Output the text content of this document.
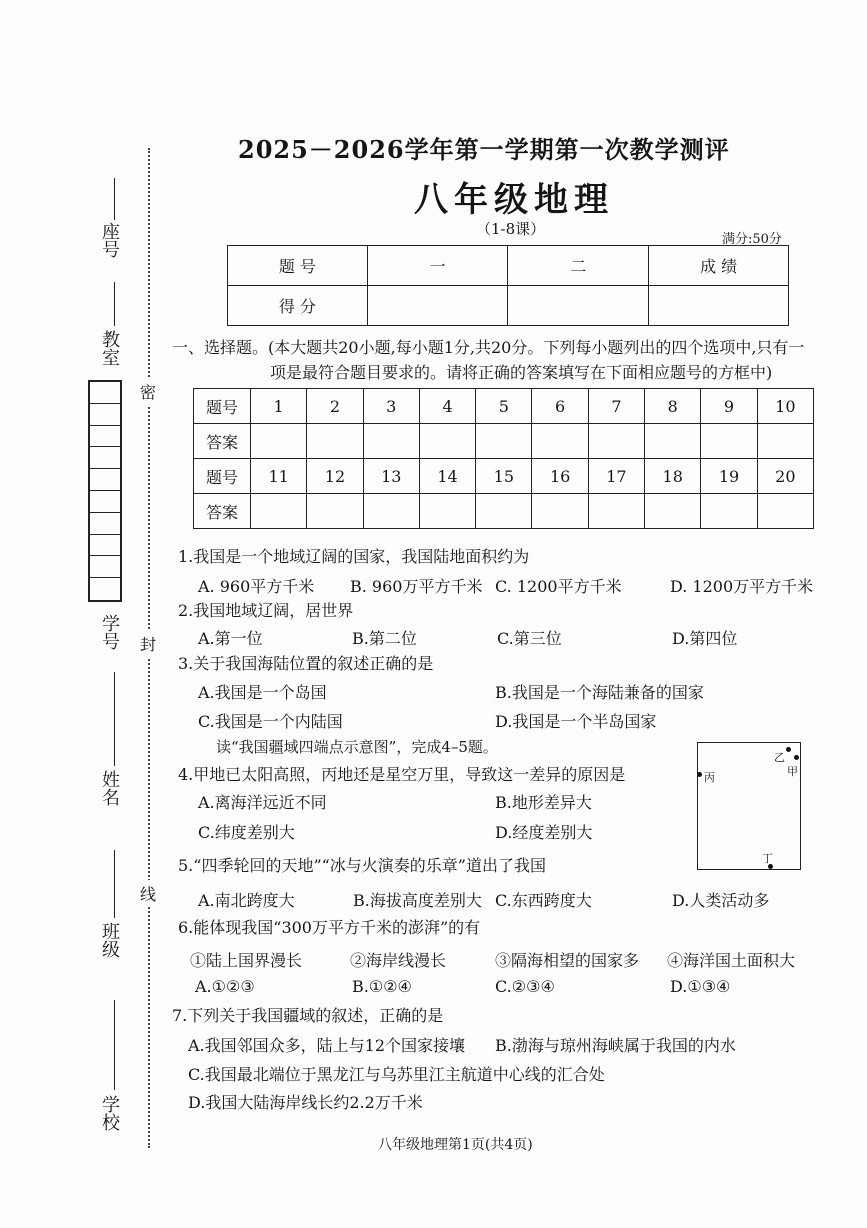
密
封
线
座号
教室
学号
姓名
班级
学校
2025－2026学年第一学期第一次教学测评
八年级地理
（1-8课）
满分:50分
题 号	一	二	成 绩
得 分			
一、选择题。(本大题共20小题,每小题1分,共20分。下列每小题列出的四个选项中,只有一
项是最符合题目要求的。请将正确的答案填写在下面相应题号的方框中)
题号	1	2	3	4	5	6	7	8	9	10
答案										
题号	11	12	13	14	15	16	17	18	19	20
答案										
1.我国是一个地域辽阔的国家，我国陆地面积约为
A. 960平方千米 B. 960万平方千米 C. 1200平方千米	D. 1200万平方千米
2.我国地域辽阔，居世界
A.第一位	B.第二位	C.第三位	D.第四位
3.关于我国海陆位置的叙述正确的是
A.我国是一个岛国	B.我国是一个海陆兼备的国家
C.我国是一个内陆国	D.我国是一个半岛国家
读“我国疆域四端点示意图”，完成4–5题。
丙
乙
甲
丁
4.甲地已太阳高照，丙地还是星空万里，导致这一差异的原因是
A.离海洋远近不同	B.地形差异大
C.纬度差别大	D.经度差别大
5.“四季轮回的天地”“冰与火演奏的乐章”道出了我国
A.南北跨度大	B.海拔高度差别大 C.东西跨度大	D.人类活动多
6.能体现我国“300万平方千米的澎湃”的有
①陆上国界漫长	②海岸线漫长	③隔海相望的国家多 ④海洋国土面积大
A.①②③	B.①②④	C.②③④	D.①③④
7.下列关于我国疆域的叙述，正确的是
A.我国邻国众多，陆上与12个国家接壤 B.渤海与琼州海峡属于我国的内水
C.我国最北端位于黑龙江与乌苏里江主航道中心线的汇合处
D.我国大陆海岸线长约2.2万千米
八年级地理第1页(共4页)
